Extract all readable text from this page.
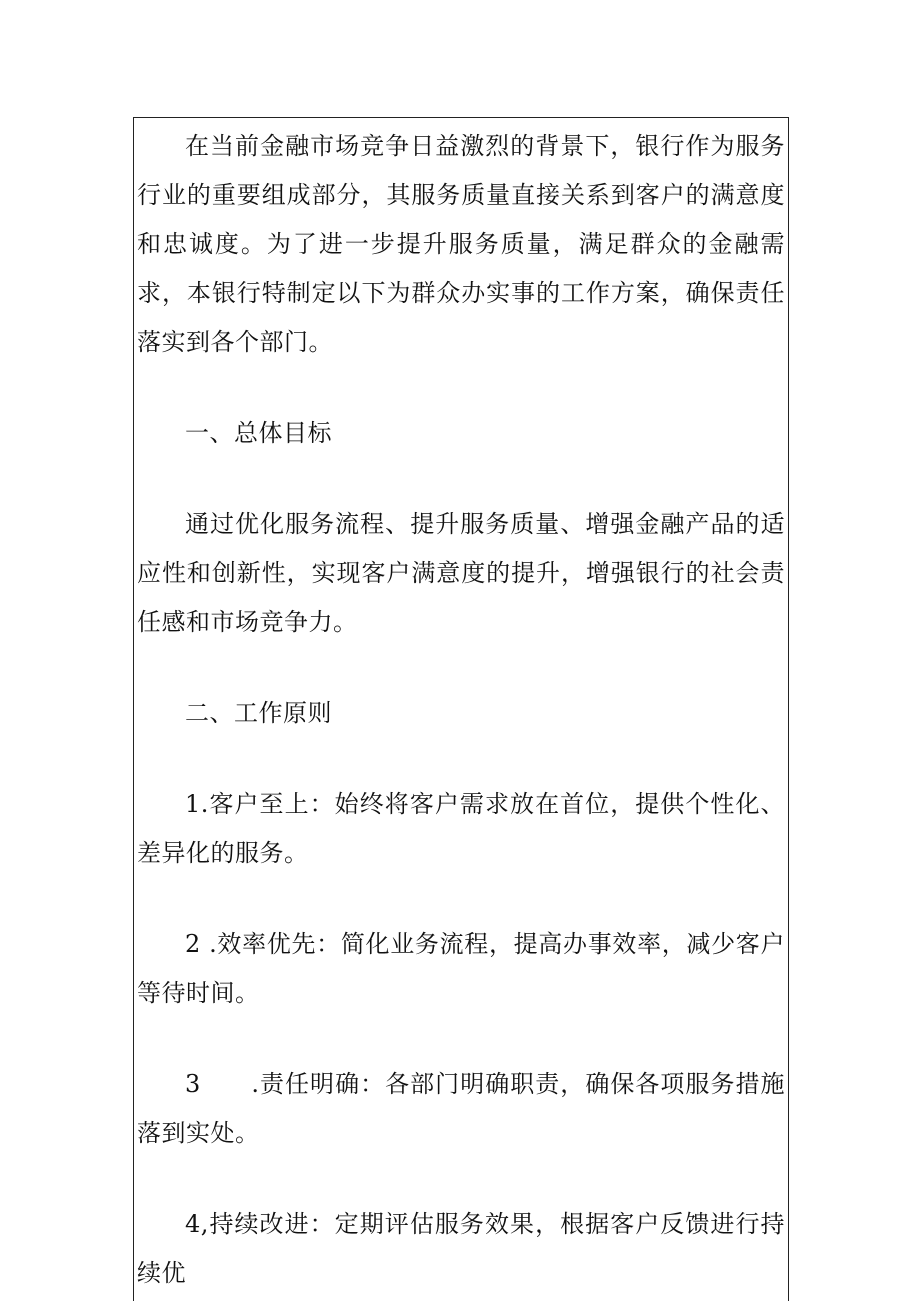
在当前金融市场竞争日益激烈的背景下，银行作为服务行业的重要组成部分，其服务质量直接关系到客户的满意度和忠诚度。为了进一步提升服务质量，满足群众的金融需求，本银行特制定以下为群众办实事的工作方案，确保责任落实到各个部门。

一、总体目标

通过优化服务流程、提升服务质量、增强金融产品的适应性和创新性，实现客户满意度的提升，增强银行的社会责任感和市场竞争力。

二、工作原则

1.客户至上：始终将客户需求放在首位，提供个性化、差异化的服务。

2 .效率优先：简化业务流程，提高办事效率，减少客户等待时间。

3　　.责任明确：各部门明确职责，确保各项服务措施落到实处。

4,持续改进：定期评估服务效果，根据客户反馈进行持续优
